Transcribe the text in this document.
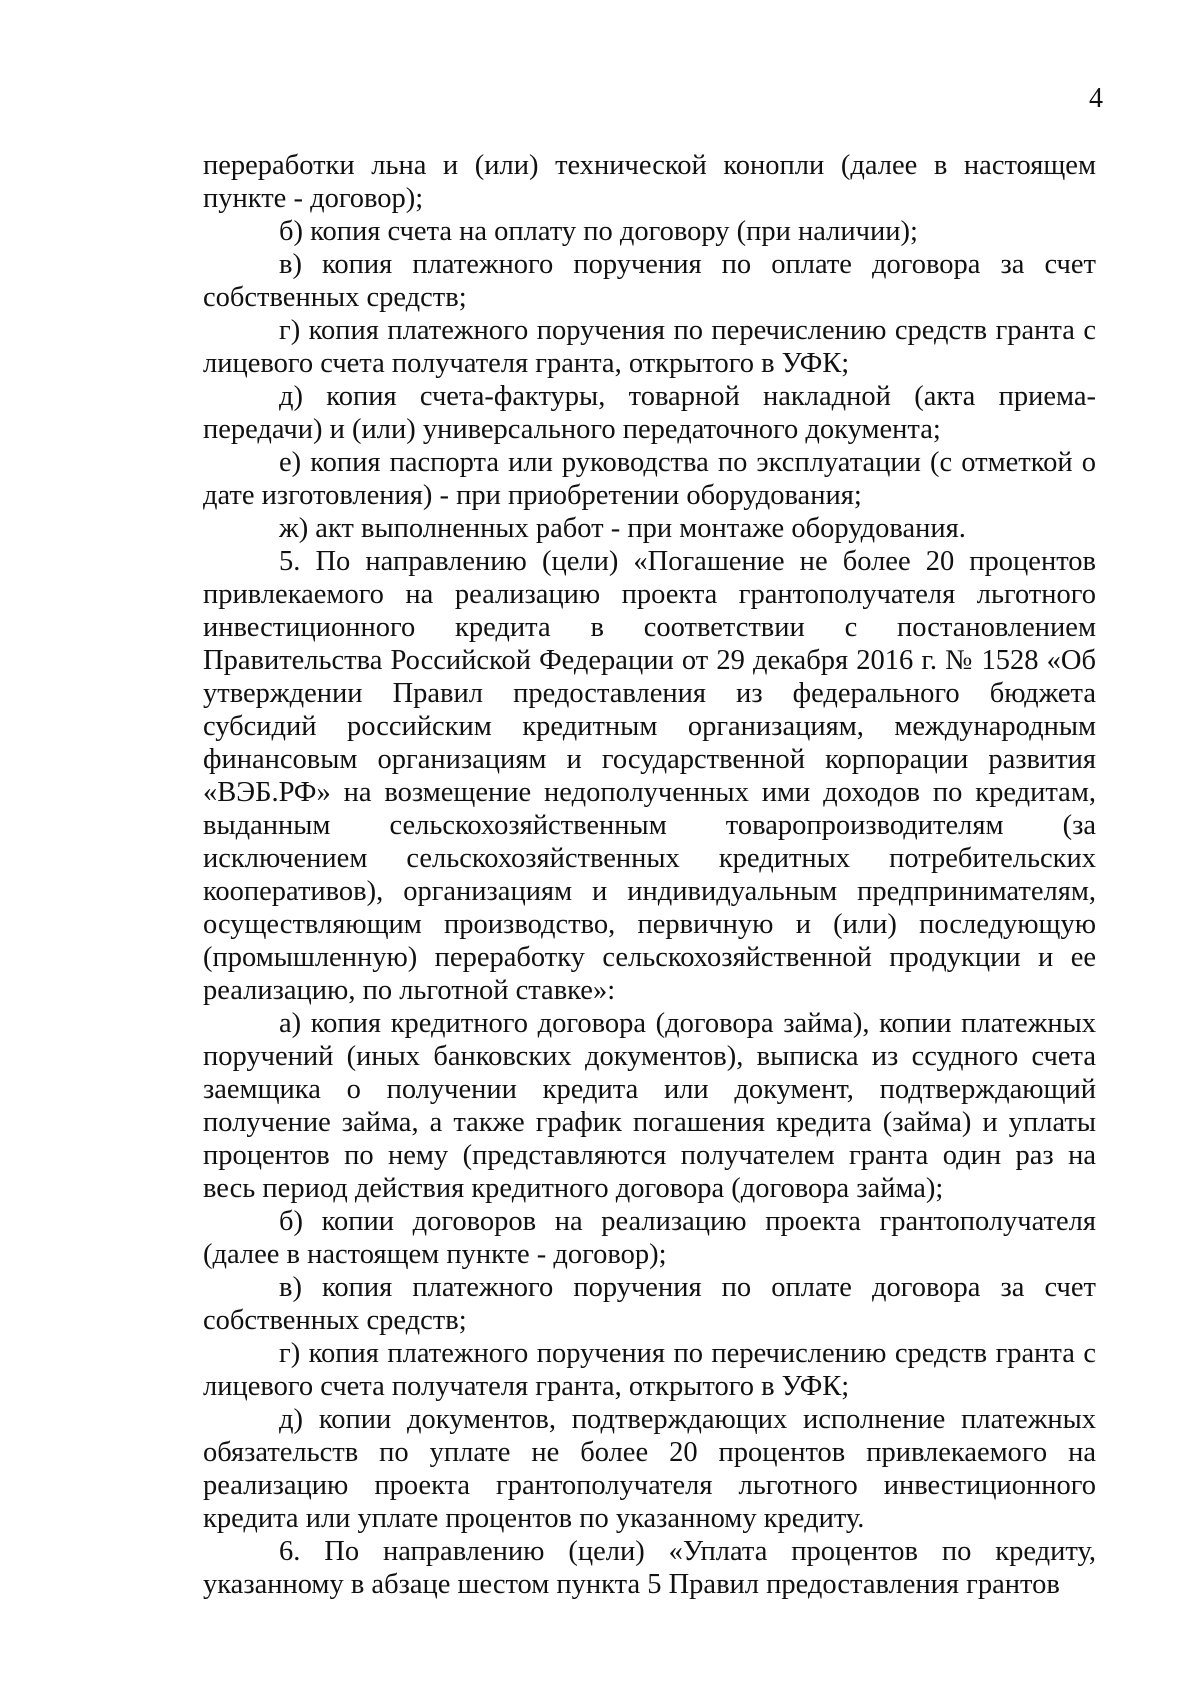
4

переработки льна и (или) технической конопли (далее в настоящем пункте - договор);

б) копия счета на оплату по договору (при наличии);

в) копия платежного поручения по оплате договора за счет собственных средств;

г) копия платежного поручения по перечислению средств гранта с лицевого счета получателя гранта, открытого в УФК;

д) копия счета-фактуры, товарной накладной (акта приема-передачи) и (или) универсального передаточного документа;

е) копия паспорта или руководства по эксплуатации (с отметкой о дате изготовления) - при приобретении оборудования;

ж) акт выполненных работ - при монтаже оборудования.

5. По направлению (цели) «Погашение не более 20 процентов привлекаемого на реализацию проекта грантополучателя льготного инвестиционного кредита в соответствии с постановлением Правительства Российской Федерации от 29 декабря 2016 г. № 1528 «Об утверждении Правил предоставления из федерального бюджета субсидий российским кредитным организациям, международным финансовым организациям и государственной корпорации развития «ВЭБ.РФ» на возмещение недополученных ими доходов по кредитам, выданным сельскохозяйственным товаропроизводителям (за исключением сельскохозяйственных кредитных потребительских кооперативов), организациям и индивидуальным предпринимателям, осуществляющим производство, первичную и (или) последующую (промышленную) переработку сельскохозяйственной продукции и ее реализацию, по льготной ставке»:

а) копия кредитного договора (договора займа), копии платежных поручений (иных банковских документов), выписка из ссудного счета заемщика о получении кредита или документ, подтверждающий получение займа, а также график погашения кредита (займа) и уплаты процентов по нему (представляются получателем гранта один раз на весь период действия кредитного договора (договора займа);

б) копии договоров на реализацию проекта грантополучателя (далее в настоящем пункте - договор);

в) копия платежного поручения по оплате договора за счет собственных средств;

г) копия платежного поручения по перечислению средств гранта с лицевого счета получателя гранта, открытого в УФК;

д) копии документов, подтверждающих исполнение платежных обязательств по уплате не более 20 процентов привлекаемого на реализацию проекта грантополучателя льготного инвестиционного кредита или уплате процентов по указанному кредиту.

6. По направлению (цели) «Уплата процентов по кредиту, указанному в абзаце шестом пункта 5 Правил предоставления грантов
